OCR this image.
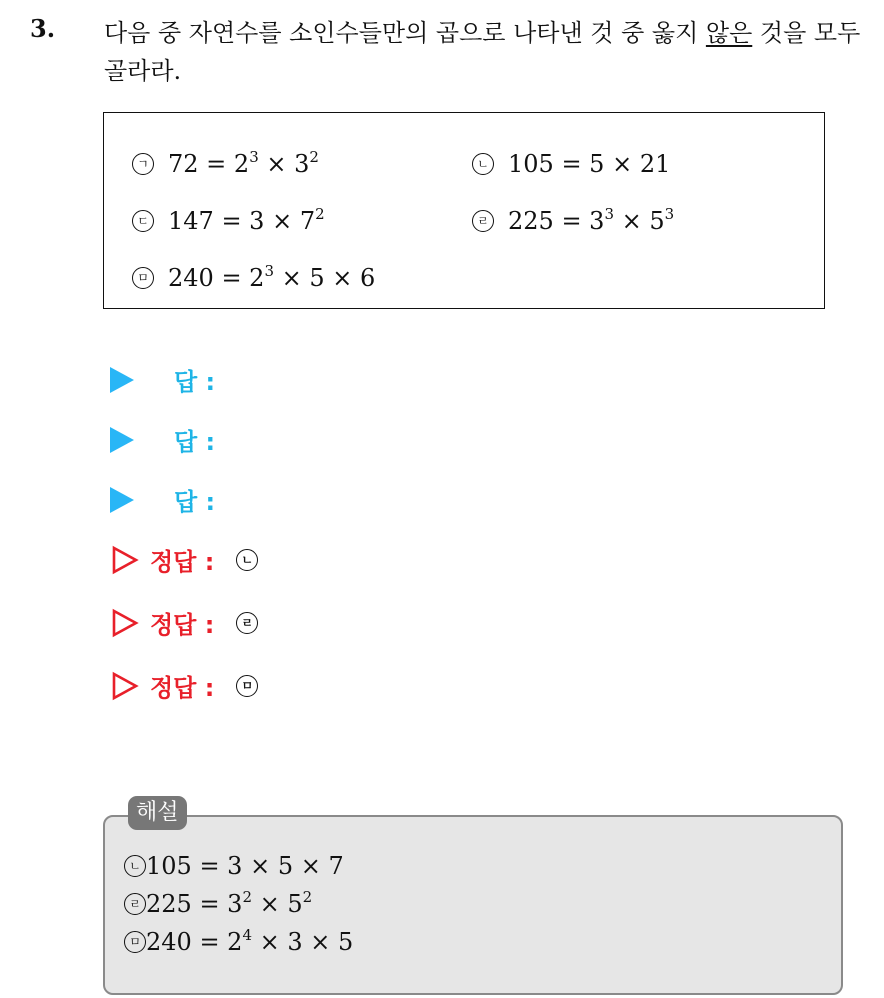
3. 다음 중 자연수를 소인수들만의 곱으로 나타낸 것 중 옳지 않은 것을 모두 골라라.
ㄱ $72 = 2^3 \times 3^2$	ㄴ 105 = 5 × 21
ㄷ $147 = 3 \times 7^2$	ㄹ $225 = 3^3 \times 5^3$
ㅁ $240 = 2^3 \times 5 \times 6$
답 :
답 :
답 :
정답 :	ㄴ
정답 :	ㄹ
정답 :	ㅁ
해설
ㄴ 105 = 3 × 5 × 7
ㄹ $225 = 3^2 \times 5^2$
ㅁ $240 = 2^4 \times 3 \times 5$
